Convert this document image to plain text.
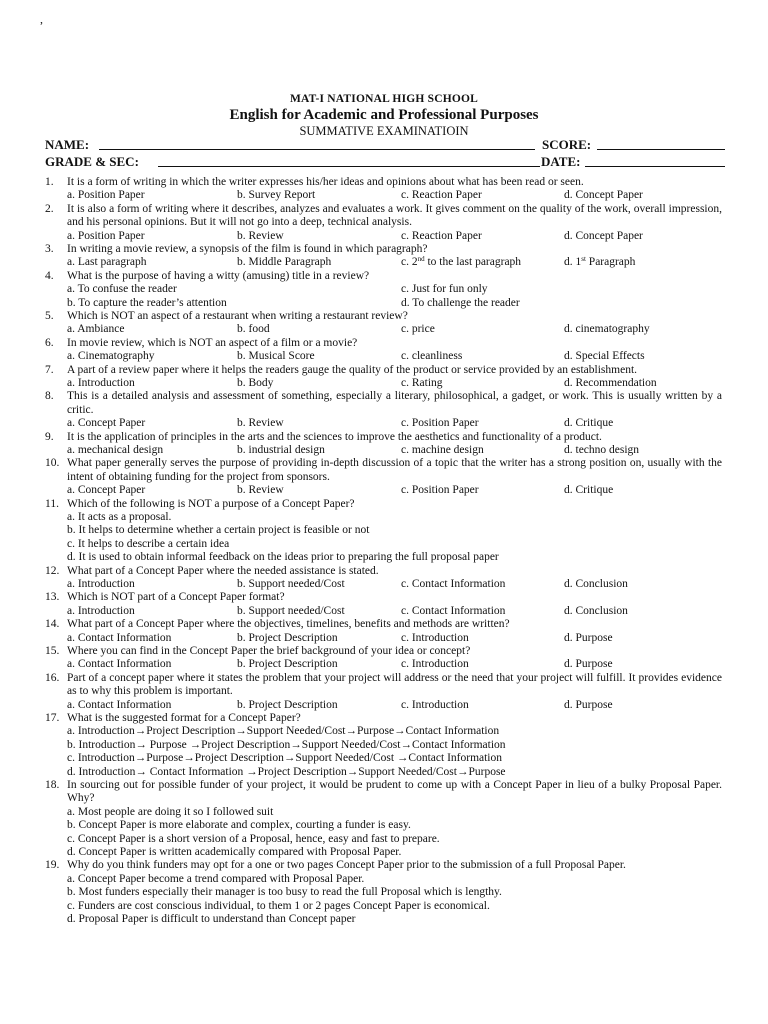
,
MAT-I NATIONAL HIGH SCHOOL
English for Academic and Professional Purposes
SUMMATIVE EXAMINATIOIN
NAME:	SCORE:
GRADE & SEC:	DATE:
1.	It is a form of writing in which the writer expresses his/her ideas and opinions about what has been read or seen.
a. Position Paper	b. Survey Report	c. Reaction Paper	d. Concept Paper
2.	It is also a form of writing where it describes, analyzes and evaluates a work. It gives comment on the quality of the work, overall impression, and his personal opinions. But it will not go into a deep, technical analysis.
a. Position Paper	b. Review	c. Reaction Paper	d. Concept Paper
3.	In writing a movie review, a synopsis of the film is found in which paragraph?
a. Last paragraph	b. Middle Paragraph	c. 2nd to the last paragraph	d. 1st Paragraph
4.	What is the purpose of having a witty (amusing) title in a review?
a. To confuse the reader	c. Just for fun only
b. To capture the reader’s attention	d. To challenge the reader
5.	Which is NOT an aspect of a restaurant when writing a restaurant review?
a. Ambiance	b. food	c. price	d. cinematography
6.	In movie review, which is NOT an aspect of a film or a movie?
a. Cinematography	b. Musical Score	c. cleanliness	d. Special Effects
7.	A part of a review paper where it helps the readers gauge the quality of the product or service provided by an establishment.
a. Introduction	b. Body	c. Rating	d. Recommendation
8.	This is a detailed analysis and assessment of something, especially a literary, philosophical, a gadget, or work. This is usually written by a critic.
a. Concept Paper	b. Review	c. Position Paper	d. Critique
9.	It is the application of principles in the arts and the sciences to improve the aesthetics and functionality of a product.
a. mechanical design	b. industrial design	c. machine design	d. techno design
10. What paper generally serves the purpose of providing in-depth discussion of a topic that the writer has a strong position on, usually with the intent of obtaining funding for the project from sponsors.
a. Concept Paper	b. Review	c. Position Paper	d. Critique
11. Which of the following is NOT a purpose of a Concept Paper?
a. It acts as a proposal.
b. It helps to determine whether a certain project is feasible or not
c. It helps to describe a certain idea
d. It is used to obtain informal feedback on the ideas prior to preparing the full proposal paper
12. What part of a Concept Paper where the needed assistance is stated.
a. Introduction	b. Support needed/Cost	c. Contact Information	d. Conclusion
13. Which is NOT part of a Concept Paper format?
a. Introduction	b. Support needed/Cost	c. Contact Information	d. Conclusion
14. What part of a Concept Paper where the objectives, timelines, benefits and methods are written?
a. Contact Information	b. Project Description	c. Introduction	d. Purpose
15. Where you can find in the Concept Paper the brief background of your idea or concept?
a. Contact Information	b. Project Description	c. Introduction	d. Purpose
16. Part of a concept paper where it states the problem that your project will address or the need that your project will fulfill. It provides evidence as to why this problem is important.
a. Contact Information	b. Project Description	c. Introduction	d. Purpose
17. What is the suggested format for a Concept Paper?
a. Introduction→Project Description→Support Needed/Cost→Purpose→Contact Information
b. Introduction→ Purpose →Project Description→Support Needed/Cost→Contact Information
c. Introduction→Purpose→Project Description→Support Needed/Cost →Contact Information
d. Introduction→ Contact Information →Project Description→Support Needed/Cost→Purpose
18. In sourcing out for possible funder of your project, it would be prudent to come up with a Concept Paper in lieu of a bulky Proposal Paper. Why?
a. Most people are doing it so I followed suit
b. Concept Paper is more elaborate and complex, courting a funder is easy.
c. Concept Paper is a short version of a Proposal, hence, easy and fast to prepare.
d. Concept Paper is written academically compared with Proposal Paper.
19. Why do you think funders may opt for a one or two pages Concept Paper prior to the submission of a full Proposal Paper.
a. Concept Paper become a trend compared with Proposal Paper.
b. Most funders especially their manager is too busy to read the full Proposal which is lengthy.
c. Funders are cost conscious individual, to them 1 or 2 pages Concept Paper is economical.
d. Proposal Paper is difficult to understand than Concept paper
